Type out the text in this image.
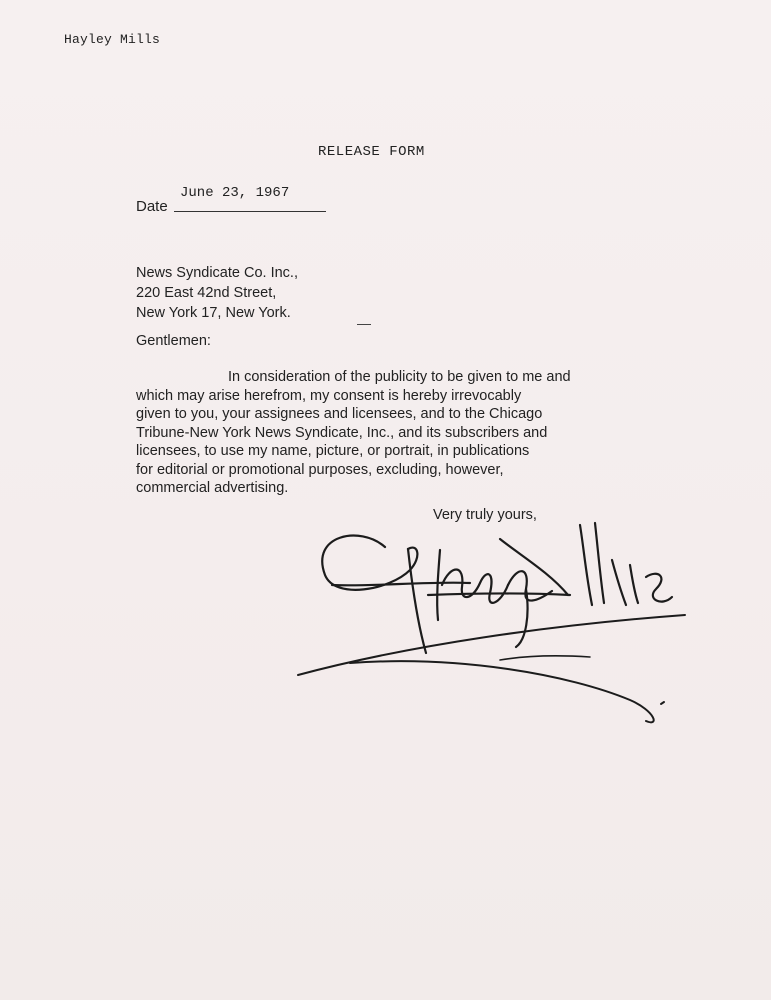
Hayley Mills
RELEASE FORM
June 23, 1967
Date
News Syndicate Co. Inc.,
220 East 42nd Street,
New York 17, New York.
Gentlemen:
In consideration of the publicity to be given to me and
which may arise herefrom, my consent is hereby irrevocably
given to you, your assignees and licensees, and to the Chicago
Tribune-New York News Syndicate, Inc., and its subscribers and
licensees, to use my name, picture, or portrait, in publications
for editorial or promotional purposes, excluding, however,
commercial advertising.
Very truly yours,
